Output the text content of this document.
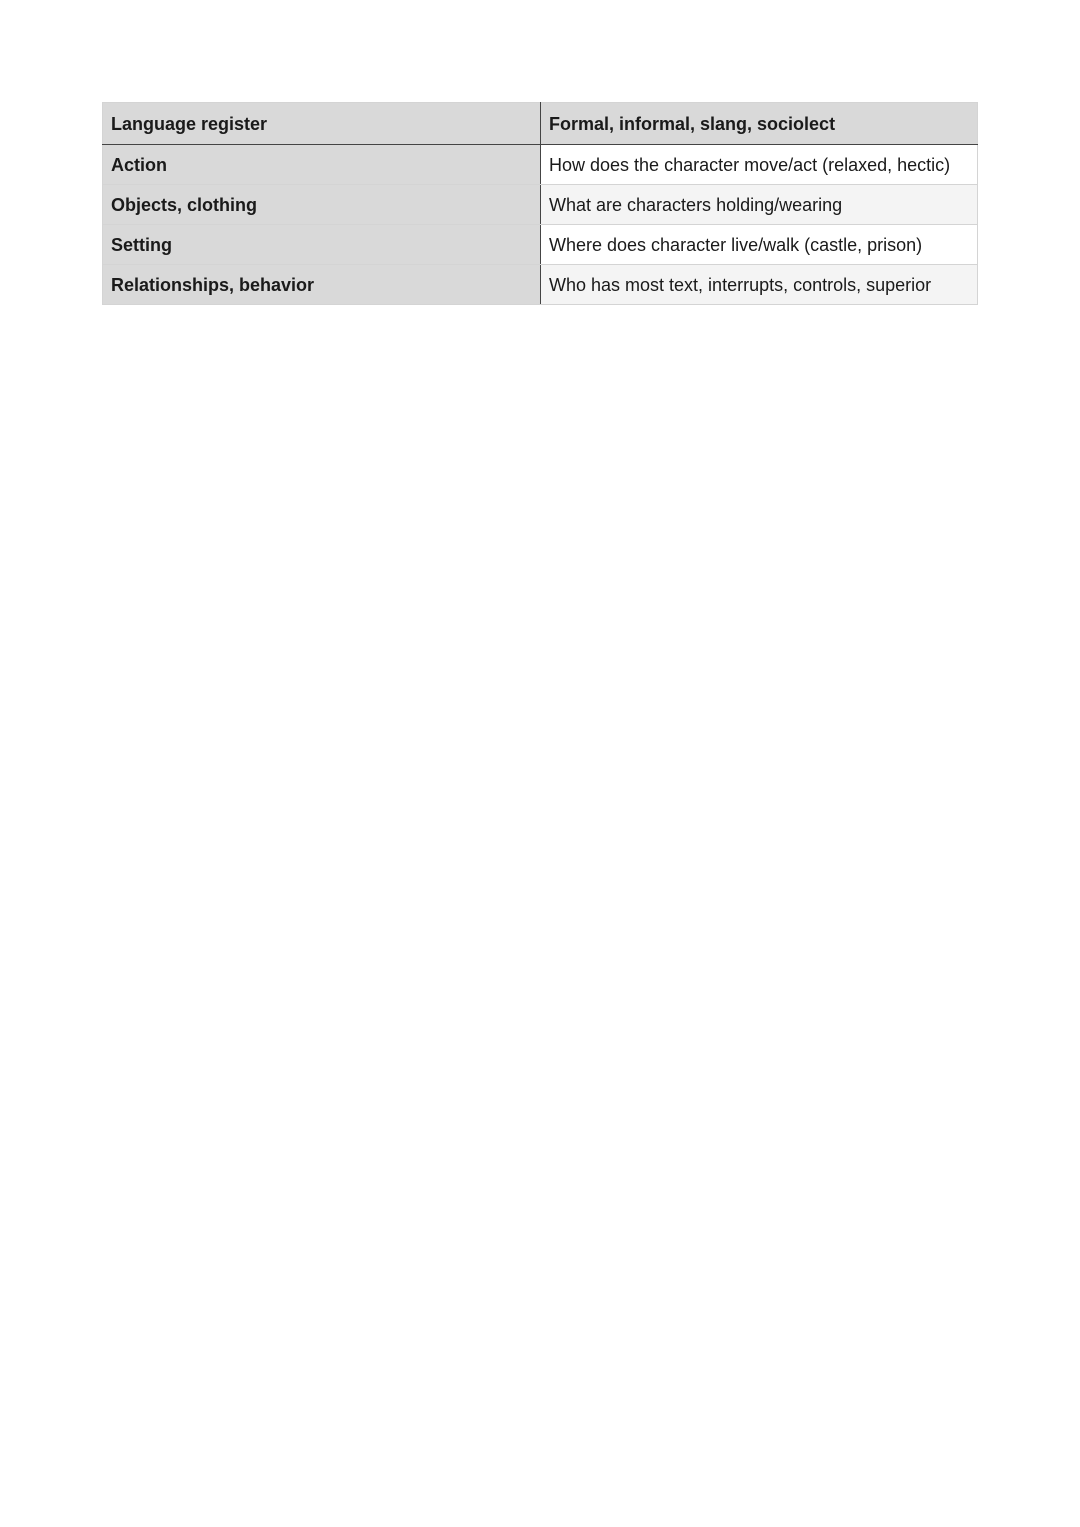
Language register	Formal, informal, slang, sociolect
Action	How does the character move/act (relaxed, hectic)
Objects, clothing	What are characters holding/wearing
Setting	Where does character live/walk (castle, prison)
Relationships, behavior	Who has most text, interrupts, controls, superior
